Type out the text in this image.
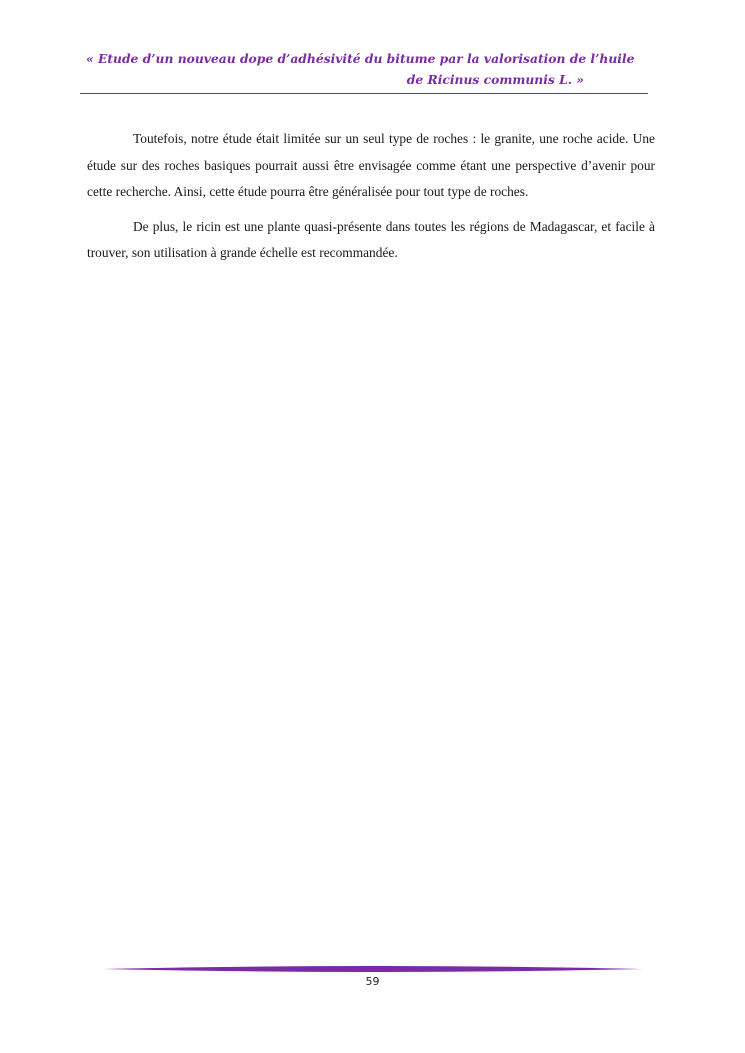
« Etude d’un nouveau dope d’adhésivité du bitume par la valorisation de l’huile
de Ricinus communis L. »

Toutefois, notre étude était limitée sur un seul type de roches : le granite, une roche acide. Une étude sur des roches basiques pourrait aussi être envisagée comme étant une perspective d’avenir pour cette recherche. Ainsi, cette étude pourra être généralisée pour tout type de roches.

De plus, le ricin est une plante quasi-présente dans toutes les régions de Madagascar, et facile à trouver, son utilisation à grande échelle est recommandée.

59
